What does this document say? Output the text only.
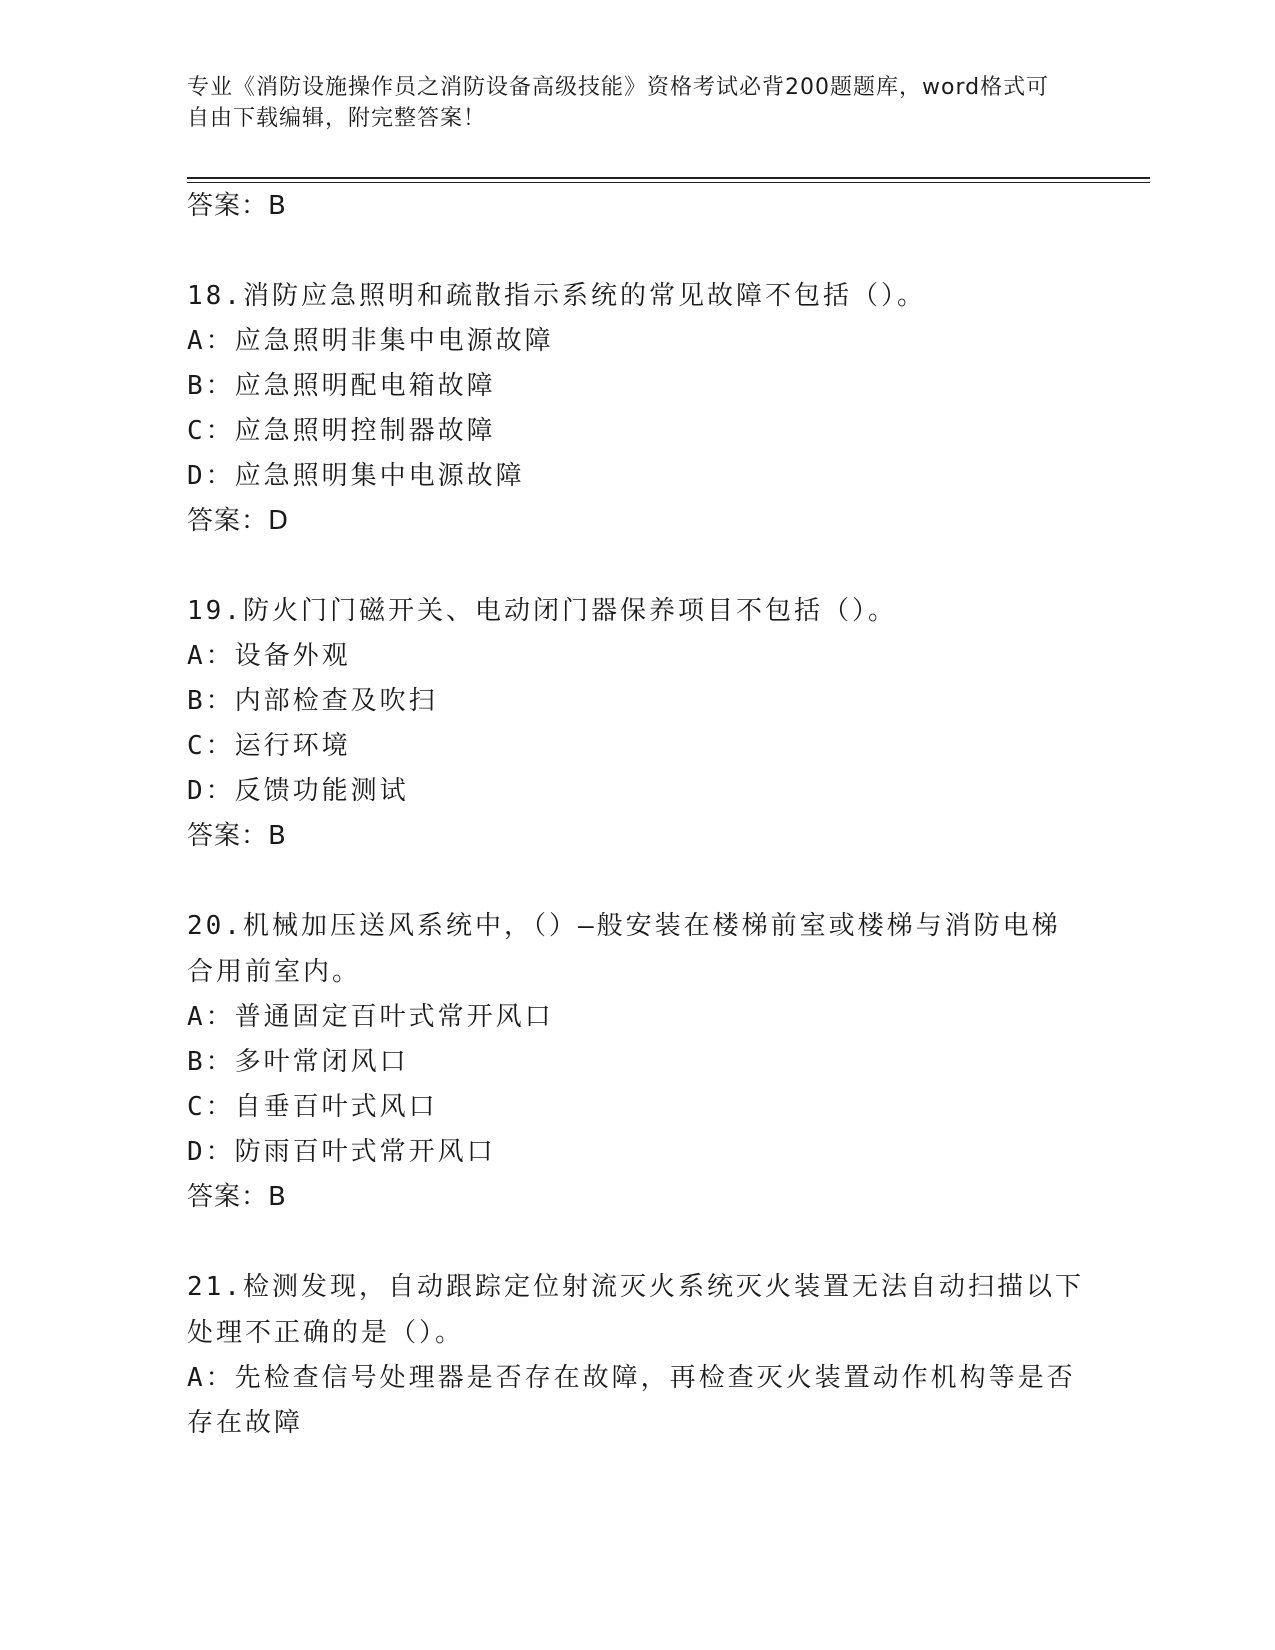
专业《消防设施操作员之消防设备高级技能》资格考试必背200题题库，word格式可自由下载编辑，附完整答案！
答案：B
18.消防应急照明和疏散指示系统的常见故障不包括（）。
A：应急照明非集中电源故障
B：应急照明配电箱故障
C：应急照明控制器故障
D：应急照明集中电源故障
答案：D
19.防火门门磁开关、电动闭门器保养项目不包括（）。
A：设备外观
B：内部检查及吹扫
C：运行环境
D：反馈功能测试
答案：B
20.机械加压送风系统中，（）—般安装在楼梯前室或楼梯与消防电梯合用前室内。
A：普通固定百叶式常开风口
B：多叶常闭风口
C：自垂百叶式风口
D：防雨百叶式常开风口
答案：B
21.检测发现，自动跟踪定位射流灭火系统灭火装置无法自动扫描以下处理不正确的是（）。
A：先检查信号处理器是否存在故障，再检查灭火装置动作机构等是否存在故障
